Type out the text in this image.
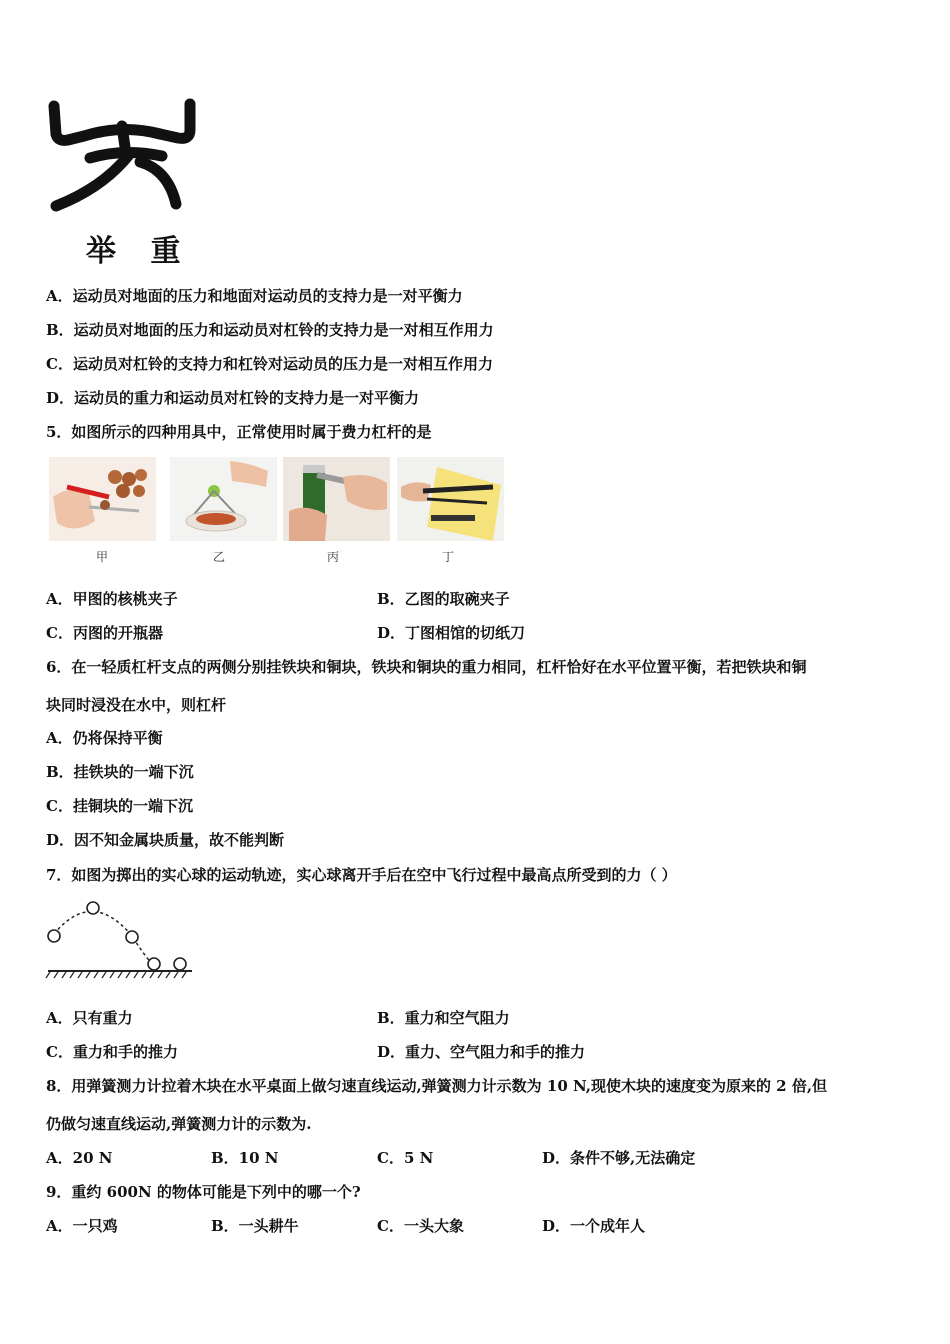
举 重
A．运动员对地面的压力和地面对运动员的支持力是一对平衡力
B．运动员对地面的压力和运动员对杠铃的支持力是一对相互作用力
C．运动员对杠铃的支持力和杠铃对运动员的压力是一对相互作用力
D．运动员的重力和运动员对杠铃的支持力是一对平衡力
5．如图所示的四种用具中，正常使用时属于费力杠杆的是
甲	乙	丙	丁
A．甲图的核桃夹子	B．乙图的取碗夹子
C．丙图的开瓶器	D．丁图相馆的切纸刀
6．在一轻质杠杆支点的两侧分别挂铁块和铜块，铁块和铜块的重力相同，杠杆恰好在水平位置平衡，若把铁块和铜
块同时浸没在水中，则杠杆
A．仍将保持平衡
B．挂铁块的一端下沉
C．挂铜块的一端下沉
D．因不知金属块质量，故不能判断
7．如图为掷出的实心球的运动轨迹，实心球离开手后在空中飞行过程中最高点所受到的力（ ）
A．只有重力	B．重力和空气阻力
C．重力和手的推力	D．重力、空气阻力和手的推力
8．用弹簧测力计拉着木块在水平桌面上做匀速直线运动,弹簧测力计示数为 10 N,现使木块的速度变为原来的 2 倍,但
仍做匀速直线运动,弹簧测力计的示数为.
A．20 N	B．10 N	C．5 N	D．条件不够,无法确定
9．重约 600N 的物体可能是下列中的哪一个?
A．一只鸡	B．一头耕牛	C．一头大象	D．一个成年人
